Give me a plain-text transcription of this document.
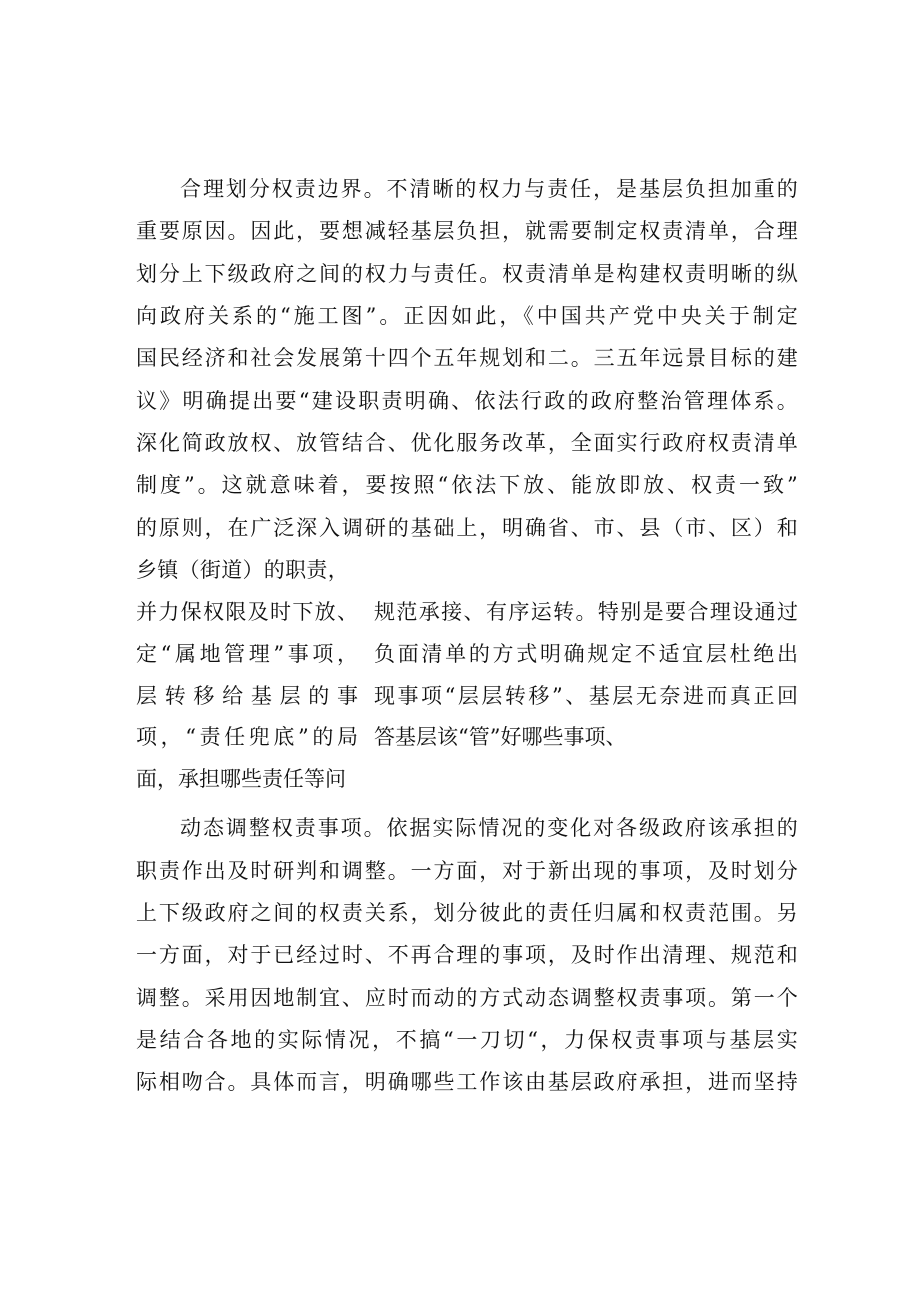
合理划分权责边界。不清晰的权力与责任，是基层负担加重的
重要原因。因此，要想减轻基层负担，就需要制定权责清单，合理
划分上下级政府之间的权力与责任。权责清单是构建权责明晰的纵
向政府关系的“施工图”。正因如此，《中国共产党中央关于制定
国民经济和社会发展第十四个五年规划和二。三五年远景目标的建
议》明确提出要“建设职责明确、依法行政的政府整治管理体系。
深化简政放权、放管结合、优化服务改革，全面实行政府权责清单
制度”。这就意味着，要按照“依法下放、能放即放、权责一致”
的原则，在广泛深入调研的基础上，明确省、市、县（市、区）和
乡镇（街道）的职责，
并力保权限及时下放、
定“属地管理”事项，
层转移给基层的事
项，“责任兜底”的局
面，承担哪些责任等问
规范承接、有序运转。特别是要合理设通过
负面清单的方式明确规定不适宜层杜绝出
现事项“层层转移”、基层无奈进而真正回
答基层该“管”好哪些事项、
动态调整权责事项。依据实际情况的变化对各级政府该承担的
职责作出及时研判和调整。一方面，对于新出现的事项，及时划分
上下级政府之间的权责关系，划分彼此的责任归属和权责范围。另
一方面，对于已经过时、不再合理的事项，及时作出清理、规范和
调整。采用因地制宜、应时而动的方式动态调整权责事项。第一个
是结合各地的实际情况，不搞“一刀切“，力保权责事项与基层实
际相吻合。具体而言，明确哪些工作该由基层政府承担，进而坚持
